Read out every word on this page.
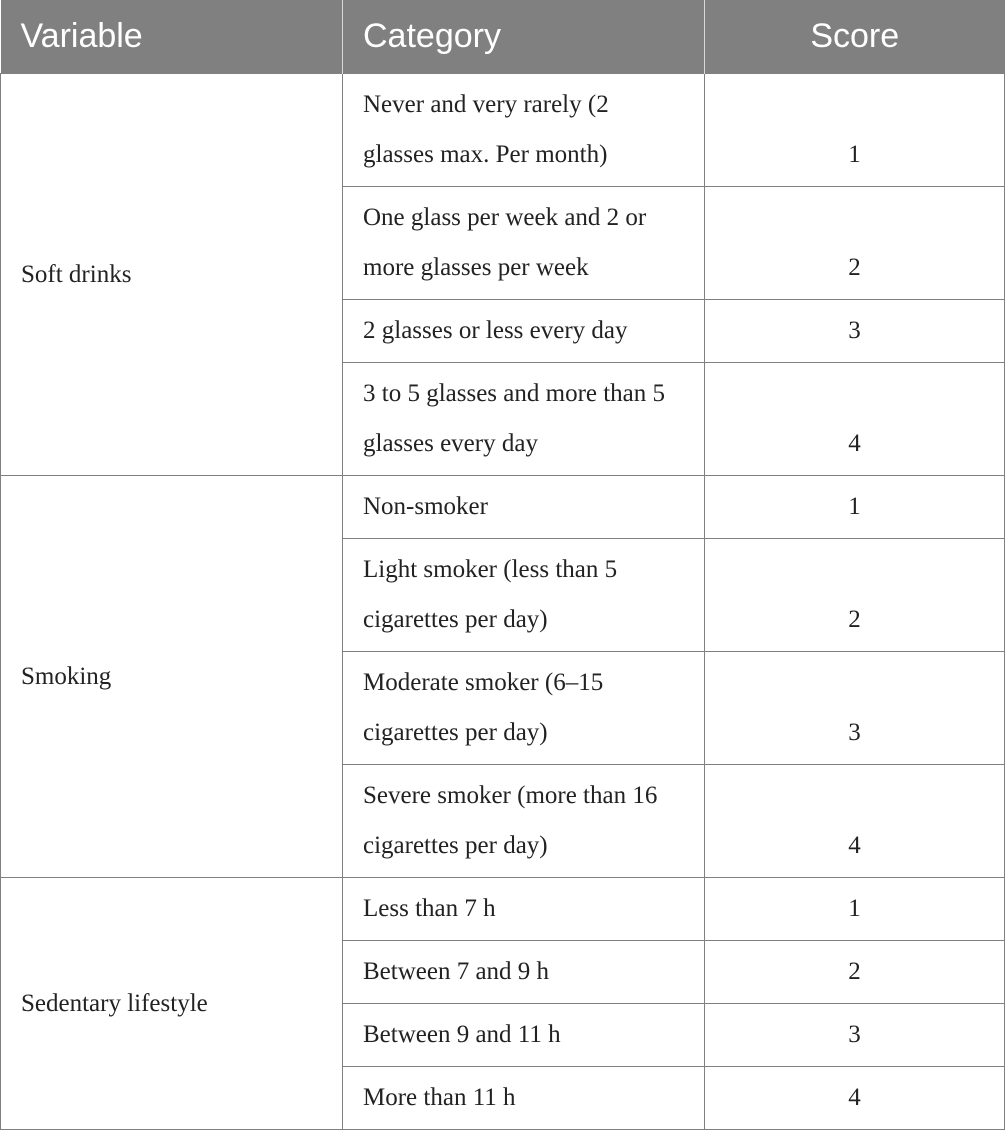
Variable	Category	Score
Soft drinks	Never and very rarely (2 glasses max. Per month)	1
	One glass per week and 2 or more glasses per week	2
	2 glasses or less every day	3
	3 to 5 glasses and more than 5 glasses every day	4
Smoking	Non-smoker	1
	Light smoker (less than 5 cigarettes per day)	2
	Moderate smoker (6–15 cigarettes per day)	3
	Severe smoker (more than 16 cigarettes per day)	4
Sedentary lifestyle	Less than 7 h	1
	Between 7 and 9 h	2
	Between 9 and 11 h	3
	More than 11 h	4
